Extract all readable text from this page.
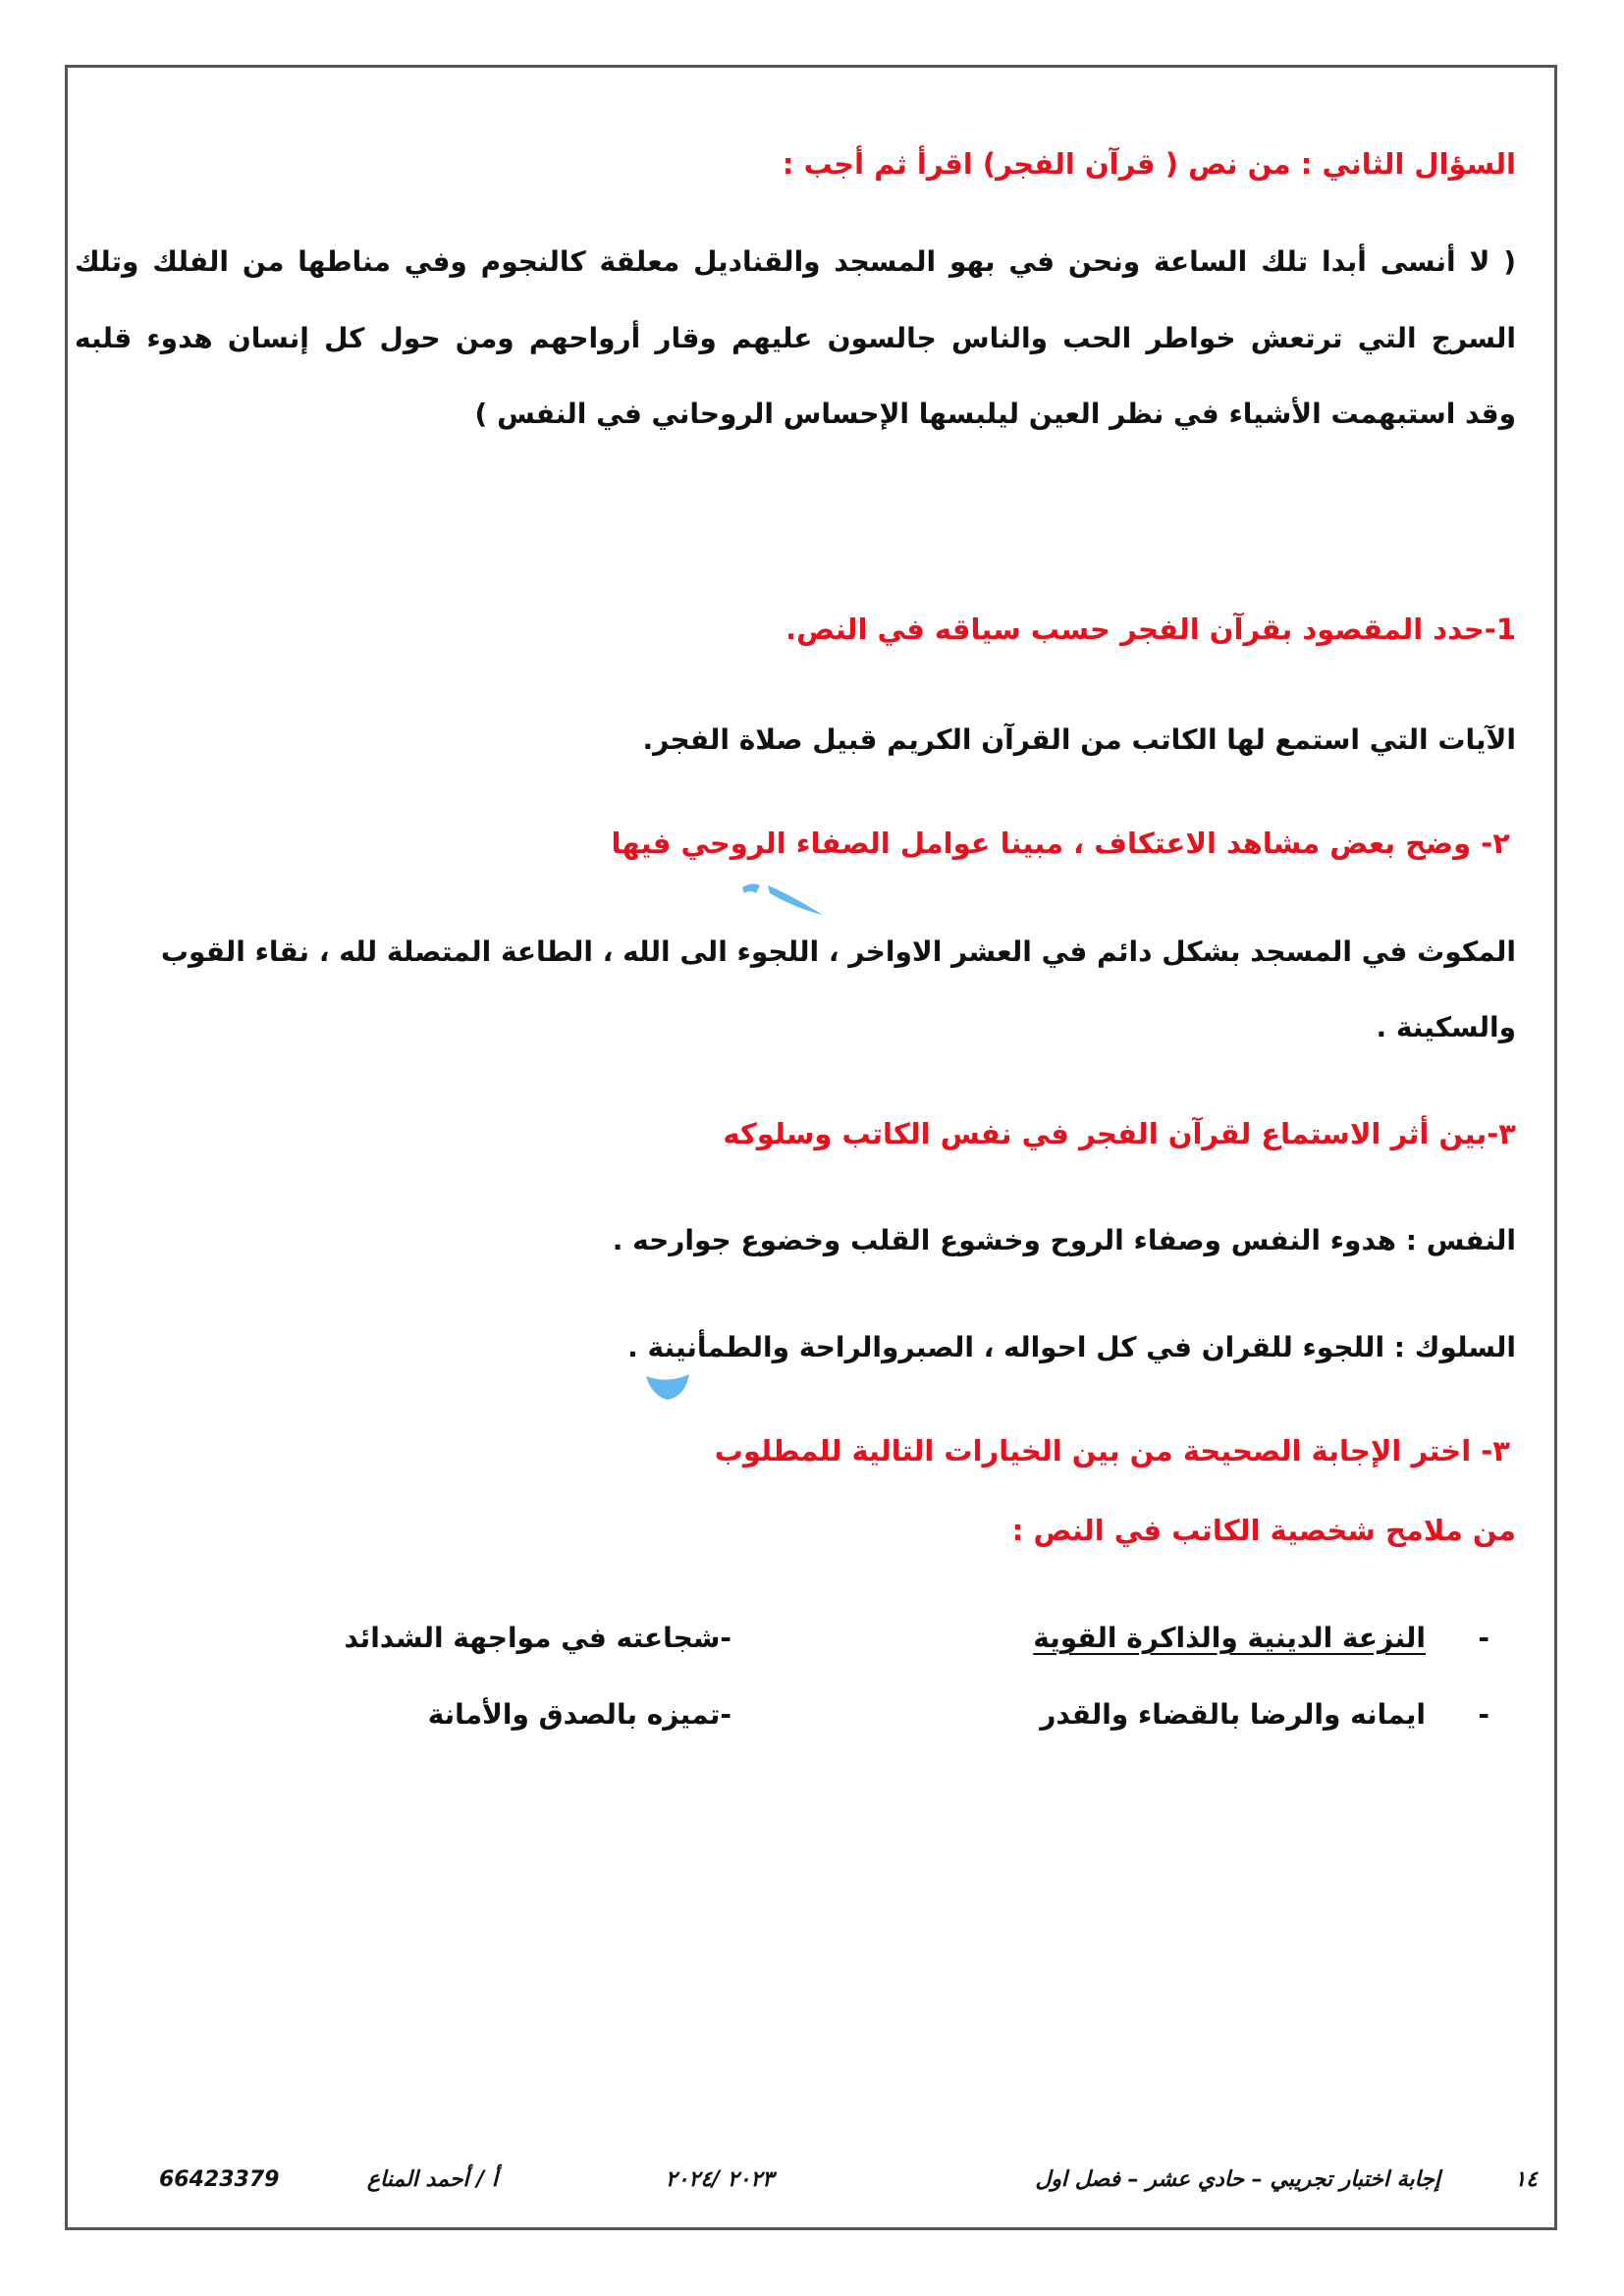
السؤال الثاني : من نص ( قرآن الفجر) اقرأ ثم أجب :
( لا أنسى أبدا تلك الساعة ونحن في بهو المسجد والقناديل معلقة كالنجوم وفي مناطها من الفلك وتلك
السرج التي ترتعش خواطر الحب والناس جالسون عليهم وقار أرواحهم ومن حول كل إنسان هدوء قلبه
وقد استبهمت الأشياء في نظر العين ليلبسها الإحساس الروحاني في النفس )
1-حدد المقصود بقرآن الفجر حسب سياقه في النص.
الآيات التي استمع لها الكاتب من القرآن الكريم قبيل صلاة الفجر.
٢- وضح بعض مشاهد الاعتكاف ، مبينا عوامل الصفاء الروحي فيها
المكوث في المسجد بشكل دائم في العشر الاواخر ، اللجوء الى الله ، الطاعة المتصلة لله ، نقاء القوب
والسكينة .
٣-بين أثر الاستماع لقرآن الفجر في نفس الكاتب وسلوكه
النفس : هدوء النفس وصفاء الروح وخشوع القلب وخضوع جوارحه .
السلوك : اللجوء للقران في كل احواله ، الصبروالراحة والطمأنينة .
٣- اختر الإجابة الصحيحة من بين الخيارات التالية للمطلوب
من ملامح شخصية الكاتب في النص :
-
النزعة الدينية والذاكرة القوية
-شجاعته في مواجهة الشدائد
-
ايمانه والرضا بالقضاء والقدر
-تميزه بالصدق والأمانة
١٤
إجابة اختبار تجريبي – حادي عشر – فصل اول
٢٠٢٣ /٢٠٢٤
أ / أحمد المناع
66423379
